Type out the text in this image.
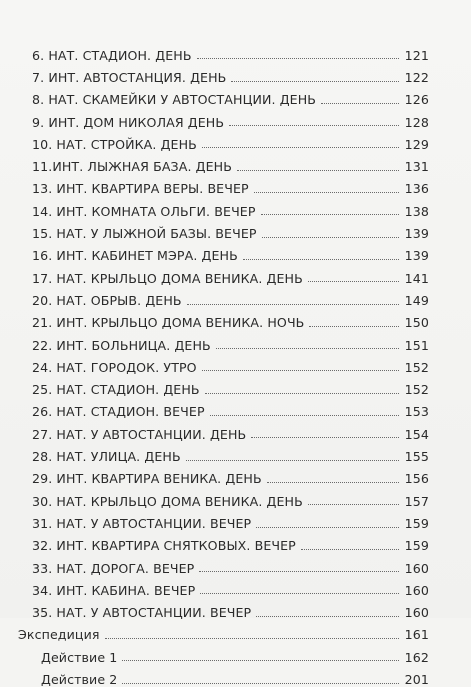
6. НАТ. СТАДИОН. ДЕНЬ	121
7. ИНТ. АВТОСТАНЦИЯ. ДЕНЬ	122
8. НАТ. СКАМЕЙКИ У АВТОСТАНЦИИ. ДЕНЬ	126
9. ИНТ. ДОМ НИКОЛАЯ ДЕНЬ	128
10. НАТ. СТРОЙКА. ДЕНЬ	129
11.ИНТ. ЛЫЖНАЯ БАЗА. ДЕНЬ	131
13. ИНТ. КВАРТИРА ВЕРЫ. ВЕЧЕР	136
14. ИНТ. КОМНАТА ОЛЬГИ. ВЕЧЕР	138
15. НАТ. У ЛЫЖНОЙ БАЗЫ. ВЕЧЕР	139
16. ИНТ. КАБИНЕТ МЭРА. ДЕНЬ	139
17. НАТ. КРЫЛЬЦО ДОМА ВЕНИКА. ДЕНЬ	141
20. НАТ. ОБРЫВ. ДЕНЬ	149
21. ИНТ. КРЫЛЬЦО ДОМА ВЕНИКА. НОЧЬ	150
22. ИНТ. БОЛЬНИЦА. ДЕНЬ	151
24. НАТ. ГОРОДОК. УТРО	152
25. НАТ. СТАДИОН. ДЕНЬ	152
26. НАТ. СТАДИОН. ВЕЧЕР	153
27. НАТ. У АВТОСТАНЦИИ. ДЕНЬ	154
28. НАТ. УЛИЦА. ДЕНЬ	155
29. ИНТ. КВАРТИРА ВЕНИКА. ДЕНЬ	156
30. НАТ. КРЫЛЬЦО ДОМА ВЕНИКА. ДЕНЬ	157
31. НАТ. У АВТОСТАНЦИИ. ВЕЧЕР	159
32. ИНТ. КВАРТИРА СНЯТКОВЫХ. ВЕЧЕР	159
33. НАТ. ДОРОГА. ВЕЧЕР	160
34. ИНТ. КАБИНА. ВЕЧЕР	160
35. НАТ. У АВТОСТАНЦИИ. ВЕЧЕР	160
Экспедиция	161
Действие 1	162
Действие 2	201
